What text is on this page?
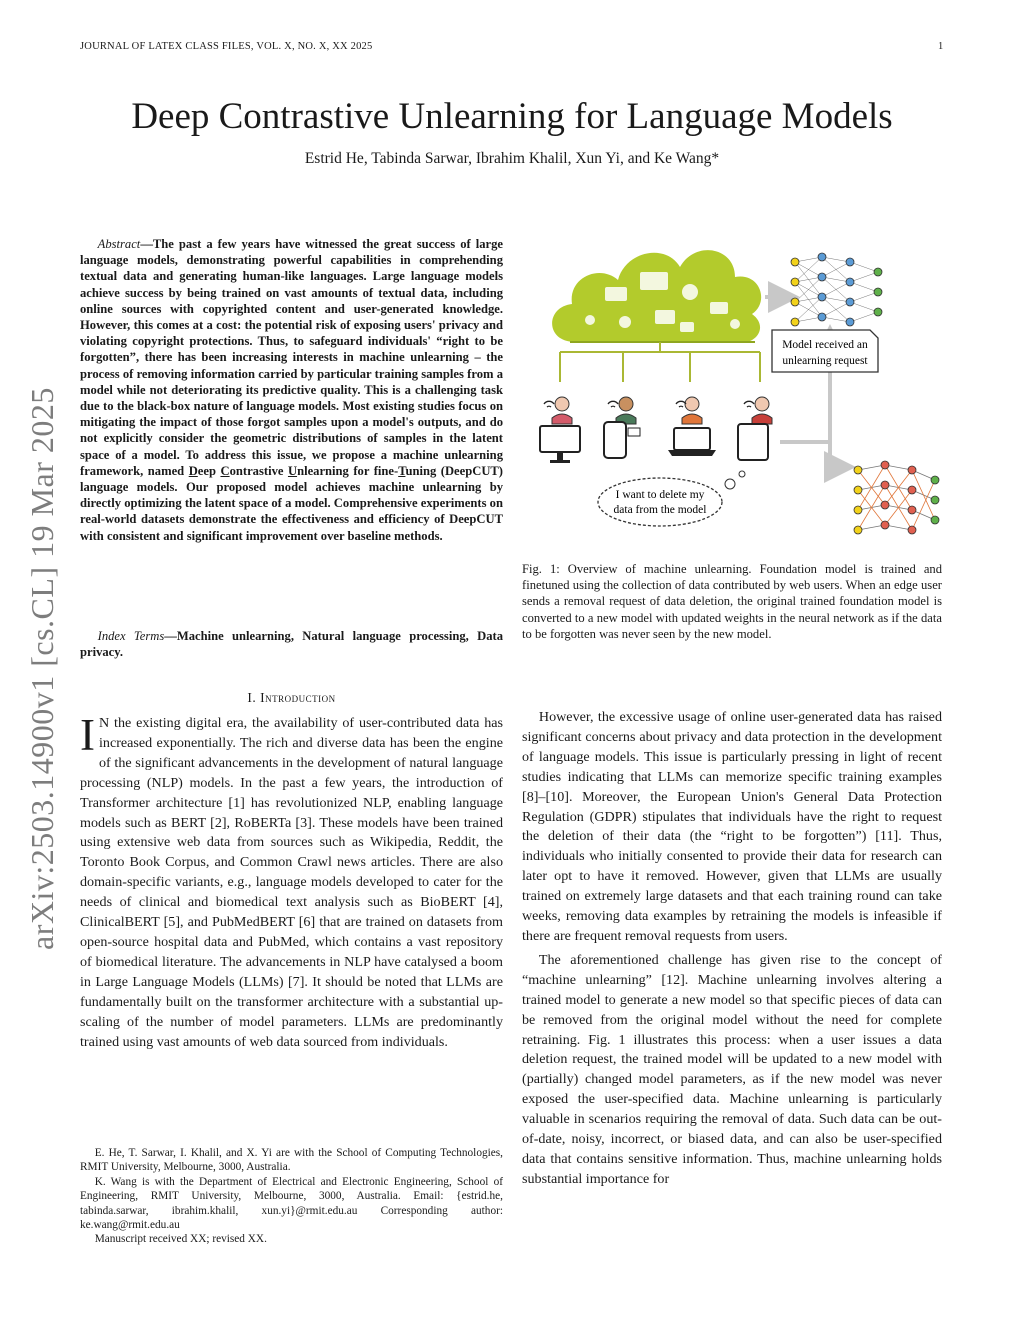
JOURNAL OF LATEX CLASS FILES, VOL. X, NO. X, XX 2025	1
arXiv:2503.14900v1 [cs.CL] 19 Mar 2025
Deep Contrastive Unlearning for Language Models
Estrid He, Tabinda Sarwar, Ibrahim Khalil, Xun Yi, and Ke Wang*
Abstract—The past a few years have witnessed the great success of large language models, demonstrating powerful capabilities in comprehending textual data and generating human-like languages. Large language models achieve success by being trained on vast amounts of textual data, including online sources with copyrighted content and user-generated knowledge. However, this comes at a cost: the potential risk of exposing users' privacy and violating copyright protections. Thus, to safeguard individuals' “right to be forgotten”, there has been increasing interests in machine unlearning – the process of removing information carried by particular training samples from a model while not deteriorating its predictive quality. This is a challenging task due to the black-box nature of language models. Most existing studies focus on mitigating the impact of those forgot samples upon a model's outputs, and do not explicitly consider the geometric distributions of samples in the latent space of a model. To address this issue, we propose a machine unlearning framework, named Deep Contrastive Unlearning for fine-Tuning (DeepCUT) language models. Our proposed model achieves machine unlearning by directly optimizing the latent space of a model. Comprehensive experiments on real-world datasets demonstrate the effectiveness and efficiency of DeepCUT with consistent and significant improvement over baseline methods.
Index Terms—Machine unlearning, Natural language processing, Data privacy.
I. Introduction
I N the existing digital era, the availability of user-contributed data has increased exponentially. The rich and diverse data has been the engine of the significant advancements in the development of natural language processing (NLP) models. In the past a few years, the introduction of Transformer architecture [1] has revolutionized NLP, enabling language models such as BERT [2], RoBERTa [3]. These models have been trained using extensive web data from sources such as Wikipedia, Reddit, the Toronto Book Corpus, and Common Crawl news articles. There are also domain-specific variants, e.g., language models developed to cater for the needs of clinical and biomedical text analysis such as BioBERT [4], ClinicalBERT [5], and PubMedBERT [6] that are trained on datasets from open-source hospital data and PubMed, which contains a vast repository of biomedical literature. The advancements in NLP have catalysed a boom in Large Language Models (LLMs) [7]. It should be noted that LLMs are fundamentally built on the transformer architecture with a substantial up-scaling of the number of model parameters. LLMs are predominantly trained using vast amounts of web data sourced from individuals.

E. He, T. Sarwar, I. Khalil, and X. Yi are with the School of Computing Technologies, RMIT University, Melbourne, 3000, Australia.

K. Wang is with the Department of Electrical and Electronic Engineering, School of Engineering, RMIT University, Melbourne, 3000, Australia. Email: {estrid.he, tabinda.sarwar, ibrahim.khalil, xun.yi}@rmit.edu.au Corresponding author: ke.wang@rmit.edu.au

Manuscript received XX; revised XX.

I want to delete my
data from the model
Model received an
unlearning request
Fig. 1: Overview of machine unlearning. Foundation model is trained and finetuned using the collection of data contributed by web users. When an edge user sends a removal request of data deletion, the original trained foundation model is converted to a new model with updated weights in the neural network as if the data to be forgotten was never seen by the new model.

However, the excessive usage of online user-generated data has raised significant concerns about privacy and data protection in the development of language models. This issue is particularly pressing in light of recent studies indicating that LLMs can memorize specific training examples [8]–[10]. Moreover, the European Union's General Data Protection Regulation (GDPR) stipulates that individuals have the right to request the deletion of their data (the “right to be forgotten”) [11]. Thus, individuals who initially consented to provide their data for research can later opt to have it removed. However, given that LLMs are usually trained on extremely large datasets and that each training round can take weeks, removing data examples by retraining the models is infeasible if there are frequent removal requests from users.

The aforementioned challenge has given rise to the concept of “machine unlearning” [12]. Machine unlearning involves altering a trained model to generate a new model so that specific pieces of data can be removed from the original model without the need for complete retraining. Fig. 1 illustrates this process: when a user issues a data deletion request, the trained model will be updated to a new model with (partially) changed model parameters, as if the new model was never exposed the user-specified data. Machine unlearning is particularly valuable in scenarios requiring the removal of data. Such data can be out-of-date, noisy, incorrect, or biased data, and can also be user-specified data that contains sensitive information. Thus, machine unlearning holds substantial importance for
